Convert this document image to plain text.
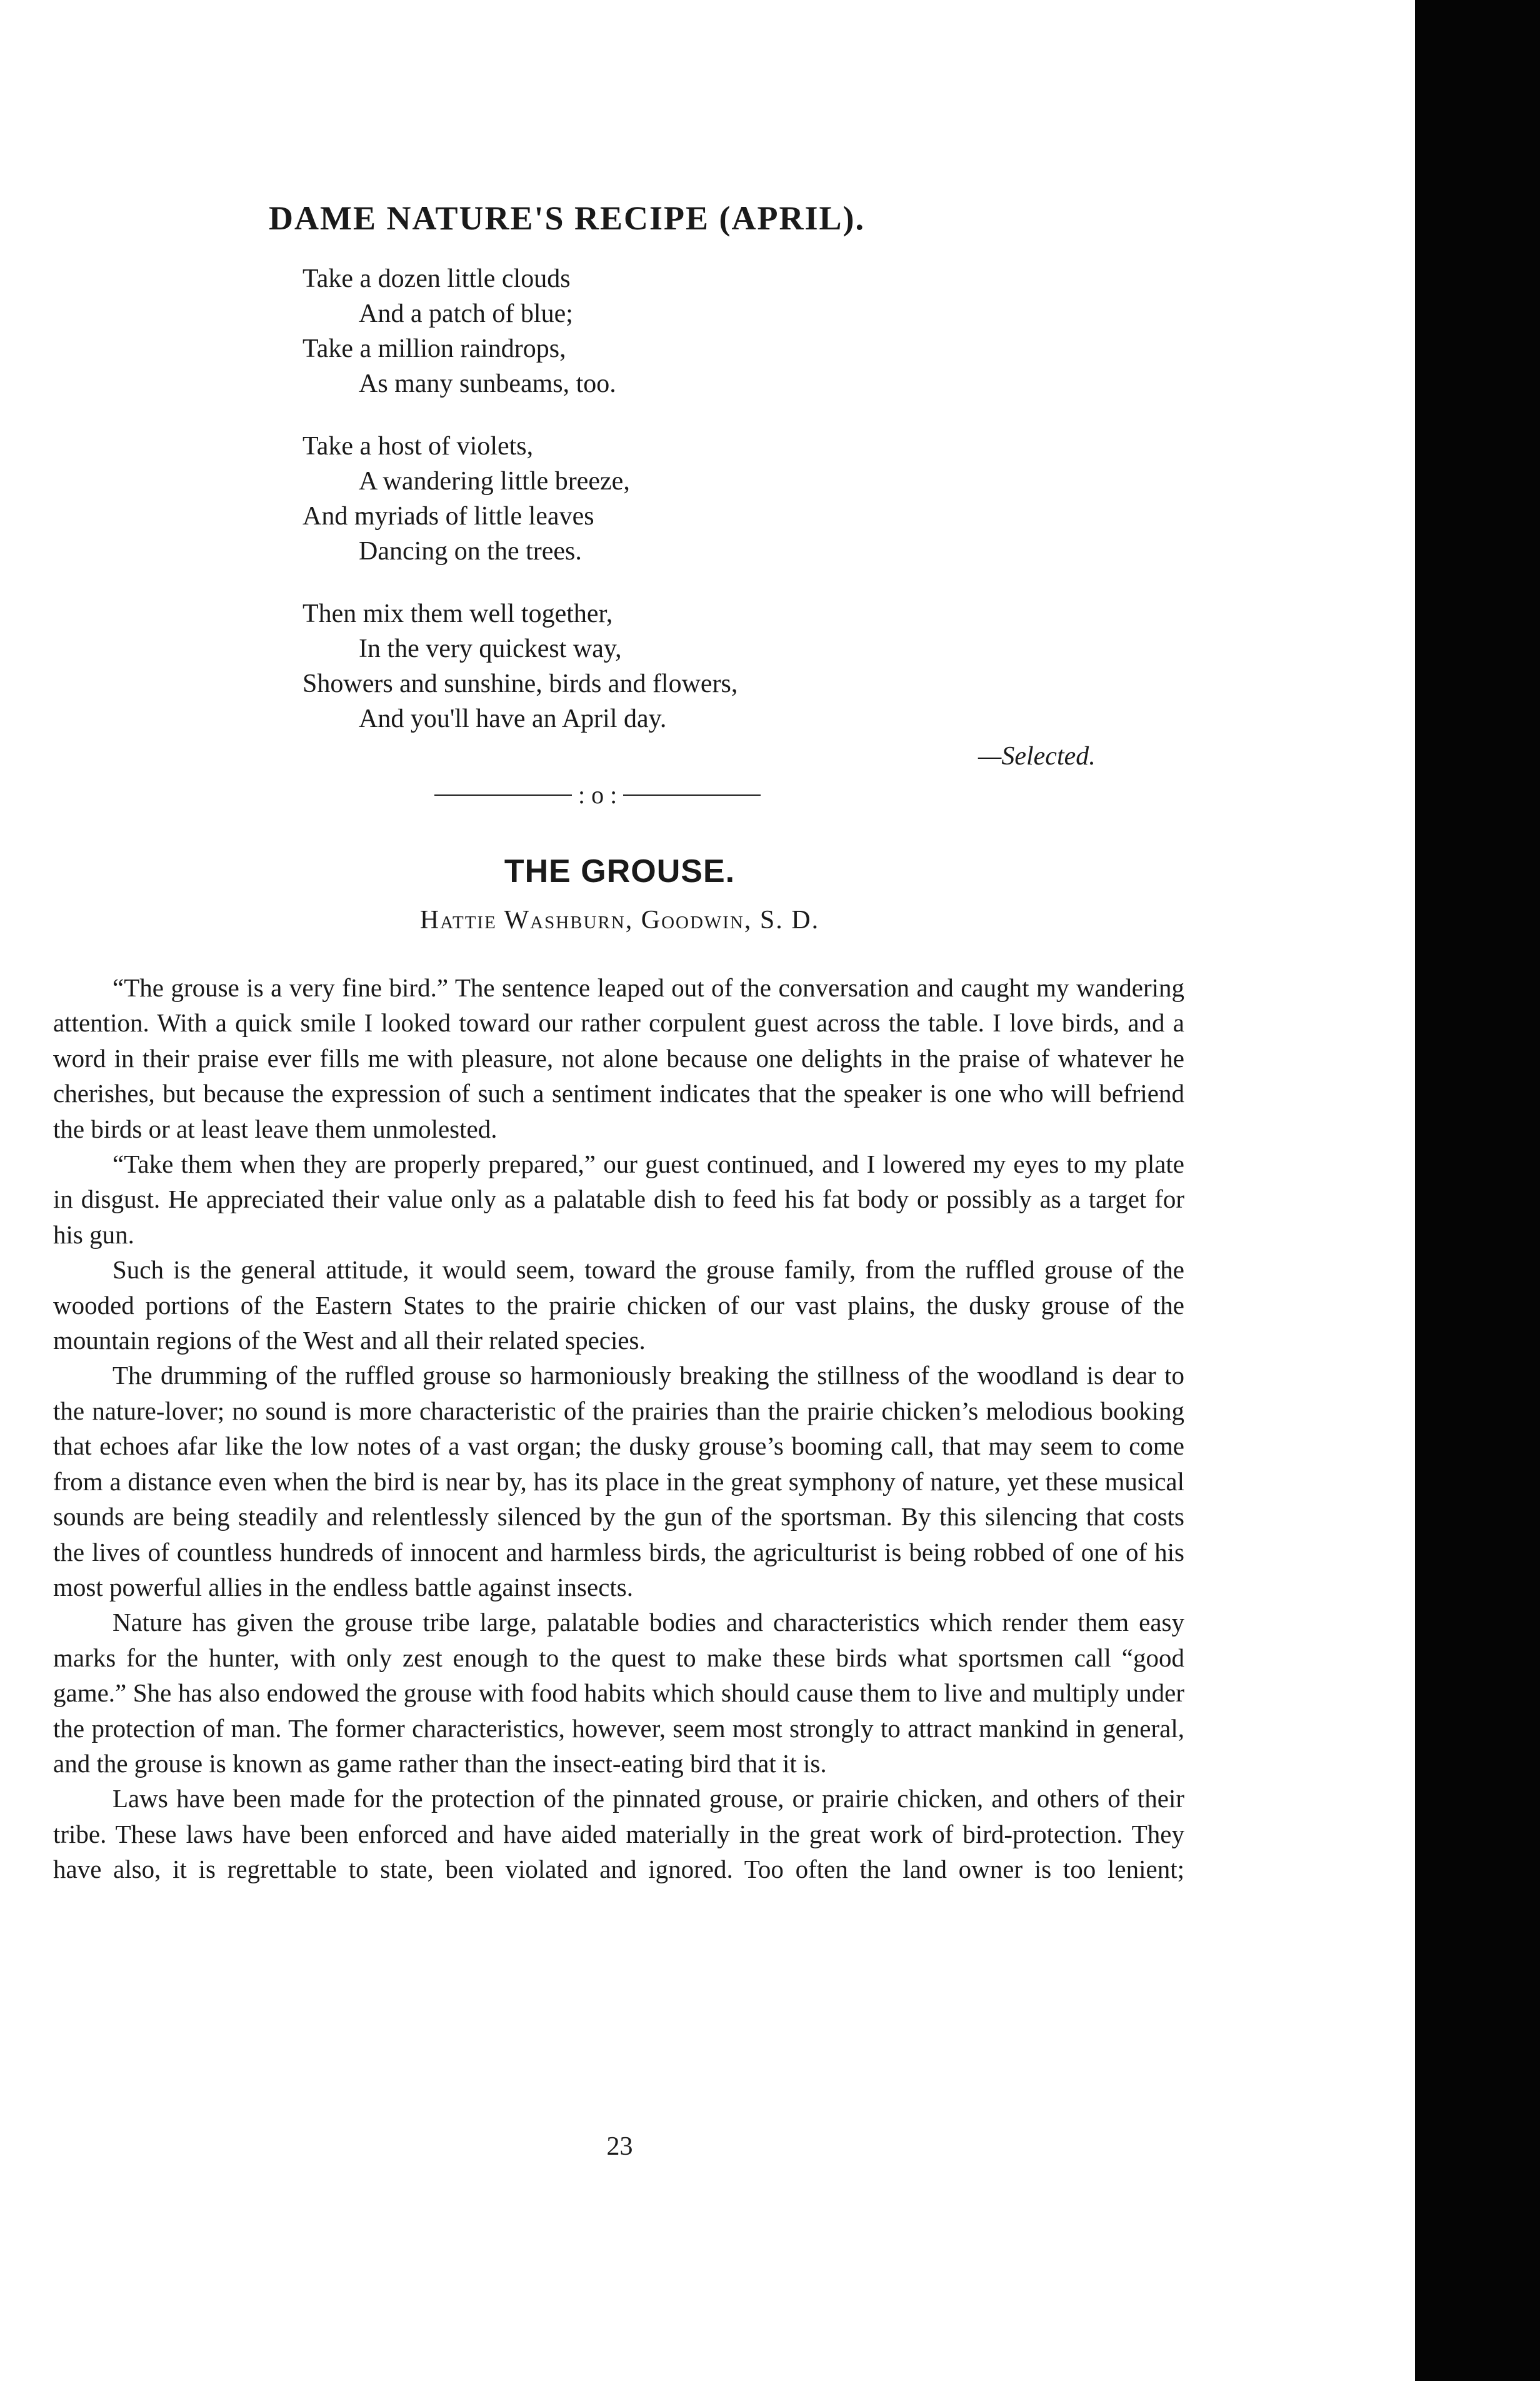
DAME NATURE'S RECIPE (APRIL).
Take a dozen little clouds
And a patch of blue;
Take a million raindrops,
As many sunbeams, too.
Take a host of violets,
A wandering little breeze,
And myriads of little leaves
Dancing on the trees.
Then mix them well together,
In the very quickest way,
Showers and sunshine, birds and flowers,
And you'll have an April day.
—Selected.
: o :
THE GROUSE.
Hattie Washburn, Goodwin, S. D.

“The grouse is a very fine bird.” The sentence leaped out of the conversation and caught my wandering attention. With a quick smile I looked toward our rather corpulent guest across the table. I love birds, and a word in their praise ever fills me with pleasure, not alone because one delights in the praise of whatever he cherishes, but because the expression of such a sentiment indicates that the speaker is one who will befriend the birds or at least leave them unmolested.

“Take them when they are properly prepared,” our guest continued, and I lowered my eyes to my plate in disgust. He appreciated their value only as a palatable dish to feed his fat body or possibly as a target for his gun.

Such is the general attitude, it would seem, toward the grouse family, from the ruffled grouse of the wooded portions of the Eastern States to the prairie chicken of our vast plains, the dusky grouse of the mountain regions of the West and all their related species.

The drumming of the ruffled grouse so harmoniously breaking the stillness of the woodland is dear to the nature-lover; no sound is more characteristic of the prairies than the prairie chicken’s melodious booking that echoes afar like the low notes of a vast organ; the dusky grouse’s booming call, that may seem to come from a distance even when the bird is near by, has its place in the great symphony of nature, yet these musical sounds are being steadily and relentlessly silenced by the gun of the sportsman. By this silencing that costs the lives of countless hundreds of innocent and harmless birds, the agriculturist is being robbed of one of his most powerful allies in the endless battle against insects.

Nature has given the grouse tribe large, palatable bodies and characteristics which render them easy marks for the hunter, with only zest enough to the quest to make these birds what sportsmen call “good game.” She has also endowed the grouse with food habits which should cause them to live and multiply under the protection of man. The former characteristics, however, seem most strongly to attract mankind in general, and the grouse is known as game rather than the insect-eating bird that it is.

Laws have been made for the protection of the pinnated grouse, or prairie chicken, and others of their tribe. These laws have been enforced and have aided materially in the great work of bird-protection. They have also, it is regrettable to state, been violated and ignored. Too often the land owner is too lenient;

23
